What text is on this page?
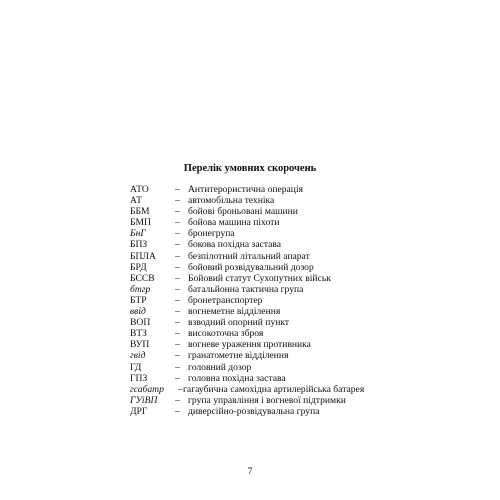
Перелік умовних скорочень
АТО	– Антитерористична операція
АТ	– автомобільна техніка
ББМ	– бойові броньовані машини
БМП	– бойова машина піхоти
БнГ	– бронегрупа
БПЗ	– бокова похідна застава
БПЛА – безпілотний літальний апарат
БРД	– бойовий розвідувальний дозор
БССВ – Бойовий статут Сухопутних військ
бтгр	– батальйонна тактична група
БТР	– бронетранспортер
ввід	– вогнеметне відділення
ВОП	– взводний опорний пункт
ВТЗ	– високоточна зброя
ВУП	– вогневе ураження противника
гвід	– гранатометне відділення
ГД	– головний дозор
ГПЗ	– головна похідна застава
гсабатр – гагаубична самохідна артилерійська батарея
ГУіВП – група управління і вогневої підтримки
ДРГ	– диверсійно-розвідувальна група
7
